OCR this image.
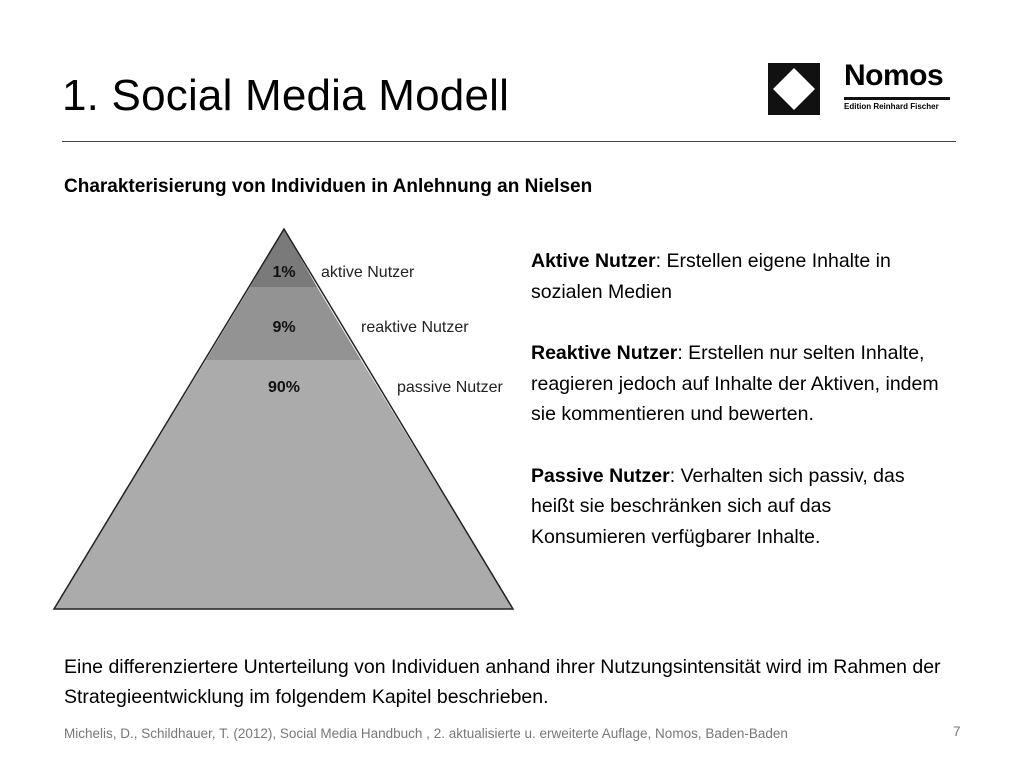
1. Social Media Modell	Nomos
Edition Reinhard Fischer
Charakterisierung von Individuen in Anlehnung an Nielsen
1% aktive Nutzer
9%	reaktive Nutzer
90%	passive Nutzer

Aktive Nutzer: Erstellen eigene Inhalte in sozialen Medien

Reaktive Nutzer: Erstellen nur selten Inhalte, reagieren jedoch auf Inhalte der Aktiven, indem sie kommentieren und bewerten.

Passive Nutzer: Verhalten sich passiv, das heißt sie beschränken sich auf das Konsumieren verfügbarer Inhalte.

Eine differenziertere Unterteilung von Individuen anhand ihrer Nutzungsintensität wird im Rahmen der Strategieentwicklung im folgendem Kapitel beschrieben.

Michelis, D., Schildhauer, T. (2012), Social Media Handbuch , 2. aktualisierte u. erweiterte Auflage, Nomos, Baden-Baden	7
